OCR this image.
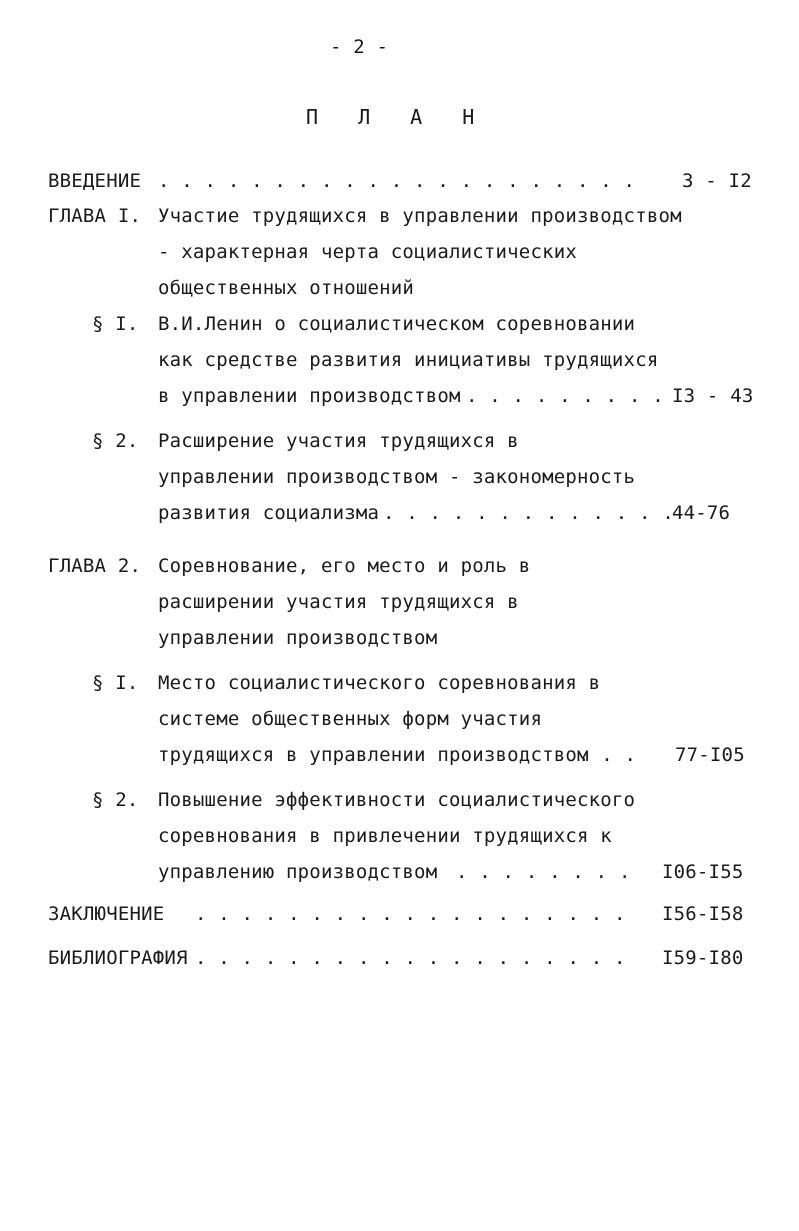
- 2 -
П Л А Н
ВВЕДЕНИЕ . . . . . . . . . . . . . . . . . . . . . 3 - I2
ГЛАВА I. Участие трудящихся в управлении производством
- характерная черта социалистических
общественных отношений
§ I. В.И.Ленин о социалистическом соревновании
как средстве развития инициативы трудящихся
в управлении производством . . . . . . . . . I3 - 43
§ 2. Расширение участия трудящихся в
управлении производством - закономерность
развития социализма . . . . . . . . . . . . .
44-76
ГЛАВА 2. Соревнование, его место и роль в
расширении участия трудящихся в
управлении производством
§ I. Место социалистического соревнования в
системе общественных форм участия
трудящихся в управлении производством
. . . 77-I05
§ 2. Повышение эффективности социалистического
соревнования в привлечении трудящихся к
управлению производством . . . . . . . . I06-I55
ЗАКЛЮЧЕНИЕ . . . . . . . . . . . . . . . . . . . I56-I58
БИБЛИОГРАФИЯ . . . . . . . . . . . . . . . . . . . I59-I80
